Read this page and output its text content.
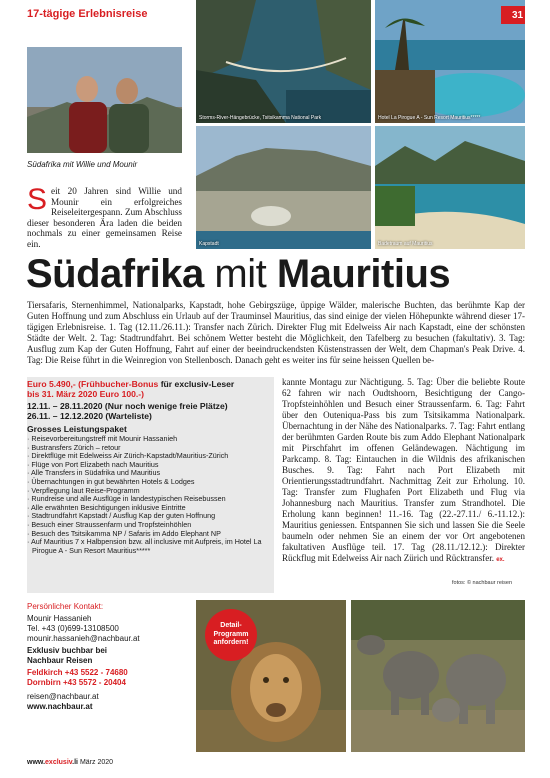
17-tägige Erlebnisreise
Südafrika mit Willie und Mounir
Storms-River-Hängebrücke, Tsitsikamma National Park	Hotel La Pirogue A - Sun Resort Mauritius*****
31
Kapstadt	Badetraum auf Mauritius
Seit 20 Jahren sind Willie und Mounir ein erfolgreiches Reiseleitergespann. Zum Abschluss dieser besonderen Ära laden die beiden nochmals zu einer gemeinsamen Reise ein.
Südafrika mit Mauritius
Tiersafaris, Sternenhimmel, Nationalparks, Kapstadt, hohe Gebirgszüge, üppige Wälder, malerische Buchten, das berühmte Kap der Guten Hoffnung und zum Abschluss ein Urlaub auf der Trauminsel Mauritius, das sind einige der vielen Höhepunkte während dieser 17-tägigen Erlebnisreise. 1. Tag (12.11./26.11.): Transfer nach Zürich. Direkter Flug mit Edelweiss Air nach Kapstadt, eine der schönsten Städte der Welt. 2. Tag: Stadtrundfahrt. Bei schönem Wetter besteht die Möglichkeit, den Tafelberg zu besuchen (fakultativ). 3. Tag: Ausflug zum Kap der Guten Hoffnung, Fahrt auf einer der beeindruckendsten Küstenstrassen der Welt, dem Chapman's Peak Drive. 4. Tag: Die Reise führt in die Weinregion von Stellenbosch. Danach geht es weiter ins für seine heissen Quellen be-
kannte Montagu zur Nächtigung. 5. Tag: Über die beliebte Route 62 fahren wir nach Oudtshoorn, Besichtigung der Cango-Tropfsteinhöhlen und Besuch einer Straussenfarm. 6. Tag: Fahrt über den Outeniqua-Pass bis zum Tsitsikamma Nationalpark. Übernachtung in der Nähe des Nationalparks. 7. Tag: Fahrt entlang der berühmten Garden Route bis zum Addo Elephant Nationalpark mit Pirschfahrt im offenen Geländewagen. Nächtigung im Parkcamp. 8. Tag: Eintauchen in die Wildnis des afrikanischen Busches. 9. Tag: Fahrt nach Port Elizabeth mit Orientierungsstadtrundfahrt. Nachmittag Zeit zur Erholung. 10. Tag: Transfer zum Flughafen Port Elizabeth und Flug via Johannesburg nach Mauritius. Transfer zum Strandhotel. Die Erholung kann beginnen! 11.-16. Tag (22.-27.11./ 6.-11.12.): Mauritius geniessen. Entspannen Sie sich und lassen Sie die Seele baumeln oder nehmen Sie an einem der vor Ort angebotenen fakultativen Ausflüge teil. 17. Tag (28.11./12.12.): Direkter Rückflug mit Edelweiss Air nach Zürich und Rücktransfer. ex.
fotos: © nachbaur reisen
Euro 5.490,- (Frühbucher-Bonus für exclusiv-Leser
bis 31. März 2020 Euro 100.-)
12.11. – 28.11.2020 (Nur noch wenige freie Plätze)
26.11. – 12.12.2020 (Warteliste)
Grosses Leistungspaket
· Reisevorbereitungstreff mit Mounir Hassanieh
· Bustransfers Zürich – retour
· Direktflüge mit Edelweiss Air Zürich-Kapstadt/Mauritius-Zürich
· Flüge von Port Elizabeth nach Mauritius
· Alle Transfers in Südafrika und Mauritius
· Übernachtungen in gut bewährten Hotels & Lodges
· Verpflegung laut Reise-Programm
· Rundreise und alle Ausflüge in landestypischen Reisebussen
· Alle erwähnten Besichtigungen inklusive Eintritte
· Stadtrundfahrt Kapstadt / Ausflug Kap der guten Hoffnung
· Besuch einer Straussenfarm und Tropfsteinhöhlen
· Besuch des Tsitsikamma NP / Safaris im Addo Elephant NP
· Auf Mauritius 7 x Halbpension bzw. all inclusive mit Aufpreis, im Hotel La Pirogue A - Sun Resort Mauritius*****
Persönlicher Kontakt:
Mounir Hassanieh
Tel. +43 (0)699-13108500
mounir.hassanieh@nachbaur.at
Exklusiv buchbar bei
Nachbaur Reisen
Feldkirch +43 5522 - 74680
Dornbirn +43 5572 - 20404
reisen@nachbaur.at
www.nachbaur.at
Detail-
Programm
anfordern!
www.exclusiv.li März 2020
